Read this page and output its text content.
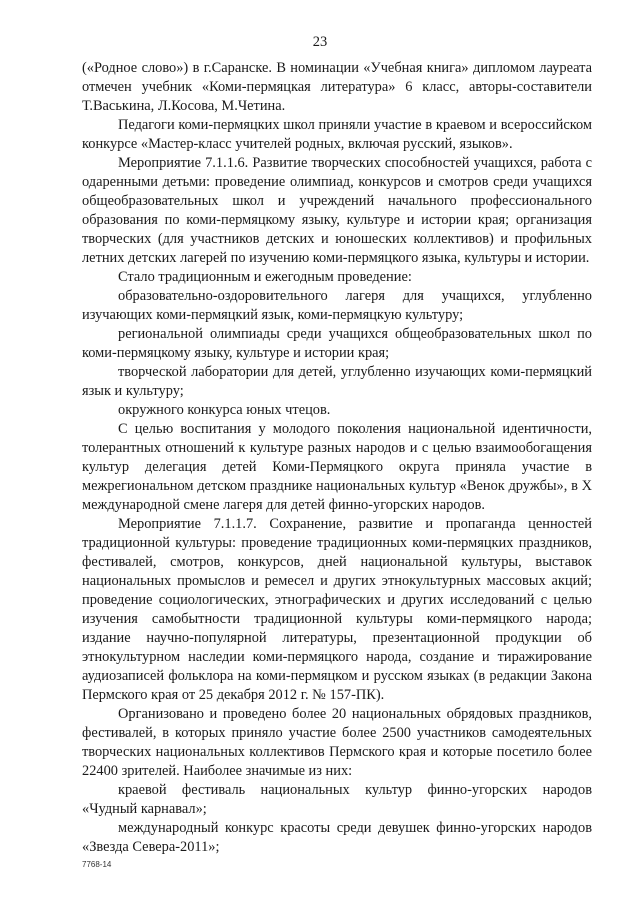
23

(«Родное слово») в г.Саранске. В номинации «Учебная книга» дипломом лауреата отмечен учебник «Коми-пермяцкая литература» 6 класс, авторы-составители Т.Васькина, Л.Косова, М.Четина.

Педагоги коми-пермяцких школ приняли участие в краевом и всероссийском конкурсе «Мастер-класс учителей родных, включая русский, языков».

Мероприятие 7.1.1.6. Развитие творческих способностей учащихся, работа с одаренными детьми: проведение олимпиад, конкурсов и смотров среди учащихся общеобразовательных школ и учреждений начального профессионального образования по коми-пермяцкому языку, культуре и истории края; организация творческих (для участников детских и юношеских коллективов) и профильных летних детских лагерей по изучению коми-пермяцкого языка, культуры и истории.

Стало традиционным и ежегодным проведение:

образовательно-оздоровительного лагеря для учащихся, углубленно изучающих коми-пермяцкий язык, коми-пермяцкую культуру;

региональной олимпиады среди учащихся общеобразовательных школ по коми-пермяцкому языку, культуре и истории края;

творческой лаборатории для детей, углубленно изучающих коми-пермяцкий язык и культуру;

окружного конкурса юных чтецов.

С целью воспитания у молодого поколения национальной идентичности, толерантных отношений к культуре разных народов и с целью взаимообогащения культур делегация детей Коми-Пермяцкого округа приняла участие в межрегиональном детском празднике национальных культур «Венок дружбы», в X международной смене лагеря для детей финно-угорских народов.

Мероприятие 7.1.1.7. Сохранение, развитие и пропаганда ценностей традиционной культуры: проведение традиционных коми-пермяцких праздников, фестивалей, смотров, конкурсов, дней национальной культуры, выставок национальных промыслов и ремесел и других этнокультурных массовых акций; проведение социологических, этнографических и других исследований с целью изучения самобытности традиционной культуры коми-пермяцкого народа; издание научно-популярной литературы, презентационной продукции об этнокультурном наследии коми-пермяцкого народа, создание и тиражирование аудиозаписей фольклора на коми-пермяцком и русском языках (в редакции Закона Пермского края от 25 декабря 2012 г. № 157-ПК).

Организовано и проведено более 20 национальных обрядовых праздников, фестивалей, в которых приняло участие более 2500 участников самодеятельных творческих национальных коллективов Пермского края и которые посетило более 22400 зрителей. Наиболее значимые из них:

краевой фестиваль национальных культур финно-угорских народов «Чудный карнавал»;

международный конкурс красоты среди девушек финно-угорских народов «Звезда Севера-2011»;

7768-14
